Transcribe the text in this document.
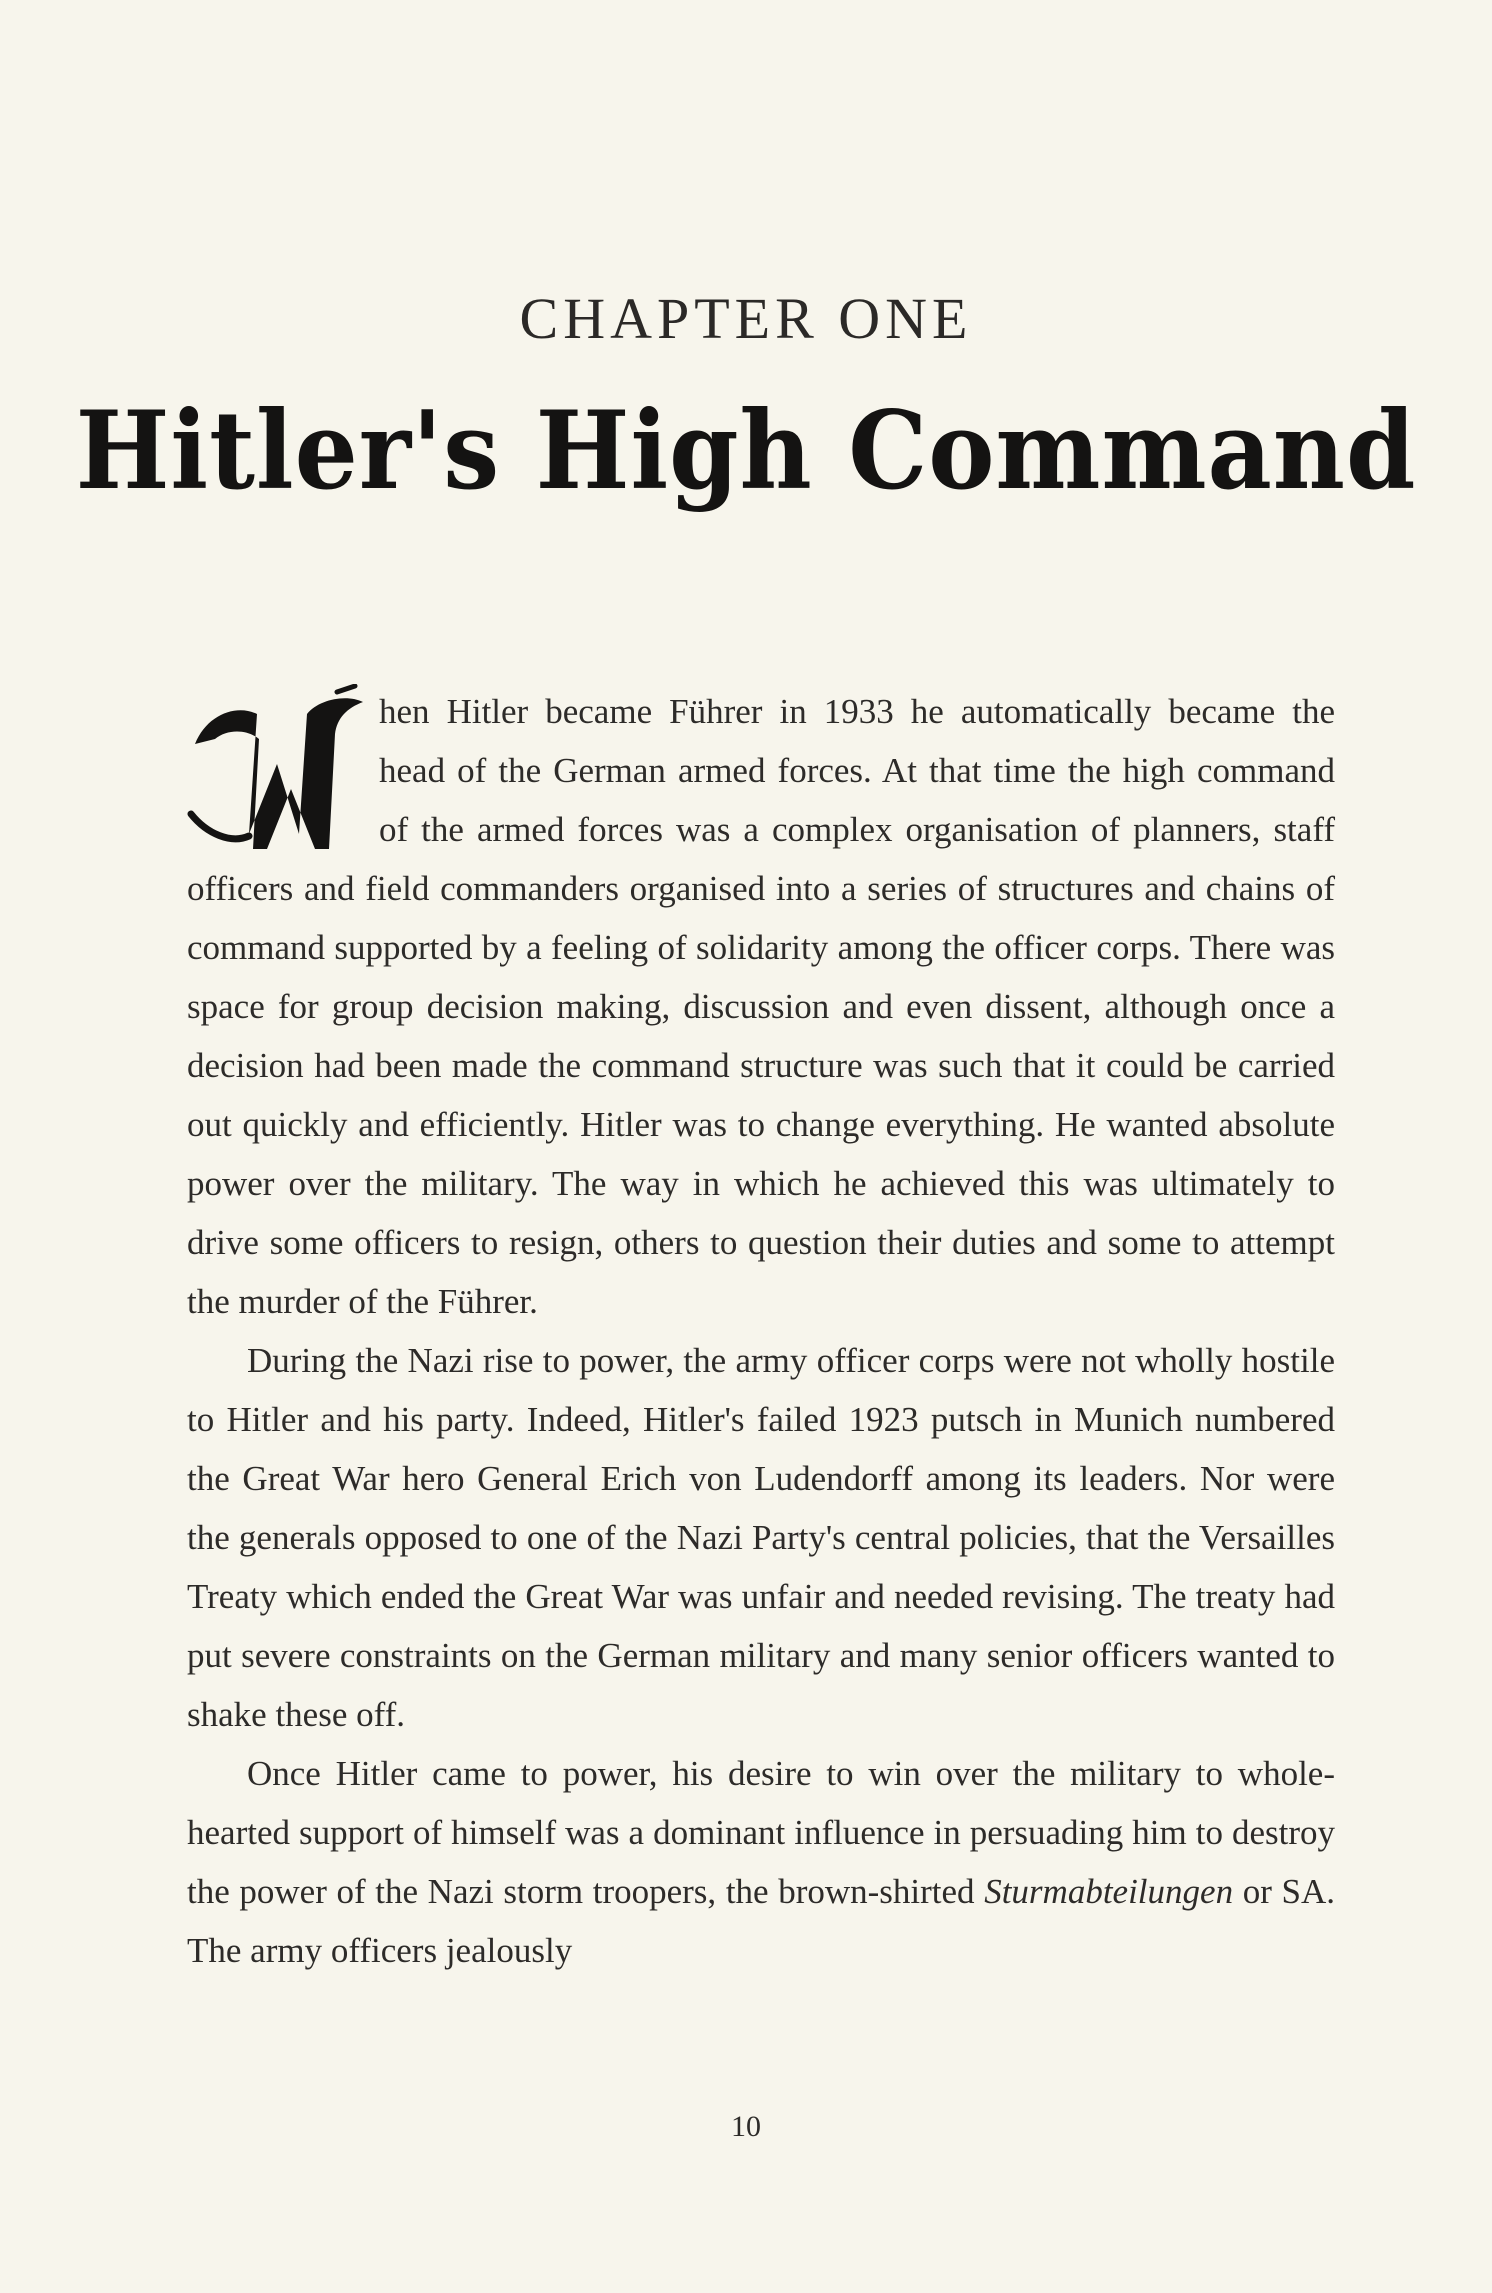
CHAPTER ONE
Hitler's High Command

hen Hitler became Führer in 1933 he automatically became the head of the German armed forces. At that time the high command of the armed forces was a complex organisation of planners, staff officers and field commanders organised into a series of structures and chains of command supported by a feeling of solidarity among the officer corps. There was space for group decision making, discussion and even dissent, although once a decision had been made the command structure was such that it could be carried out quickly and efficiently. Hitler was to change everything. He wanted absolute power over the military. The way in which he achieved this was ultimately to drive some officers to resign, others to question their duties and some to attempt the murder of the Führer.

During the Nazi rise to power, the army officer corps were not wholly hostile to Hitler and his party. Indeed, Hitler's failed 1923 putsch in Munich numbered the Great War hero General Erich von Ludendorff among its leaders. Nor were the generals opposed to one of the Nazi Party's central policies, that the Versailles Treaty which ended the Great War was unfair and needed revising. The treaty had put severe constraints on the German military and many senior officers wanted to shake these off.

Once Hitler came to power, his desire to win over the military to whole-hearted support of himself was a dominant influence in persuading him to destroy the power of the Nazi storm troopers, the brown-shirted Sturmabteilungen or SA. The army officers jealously

10
